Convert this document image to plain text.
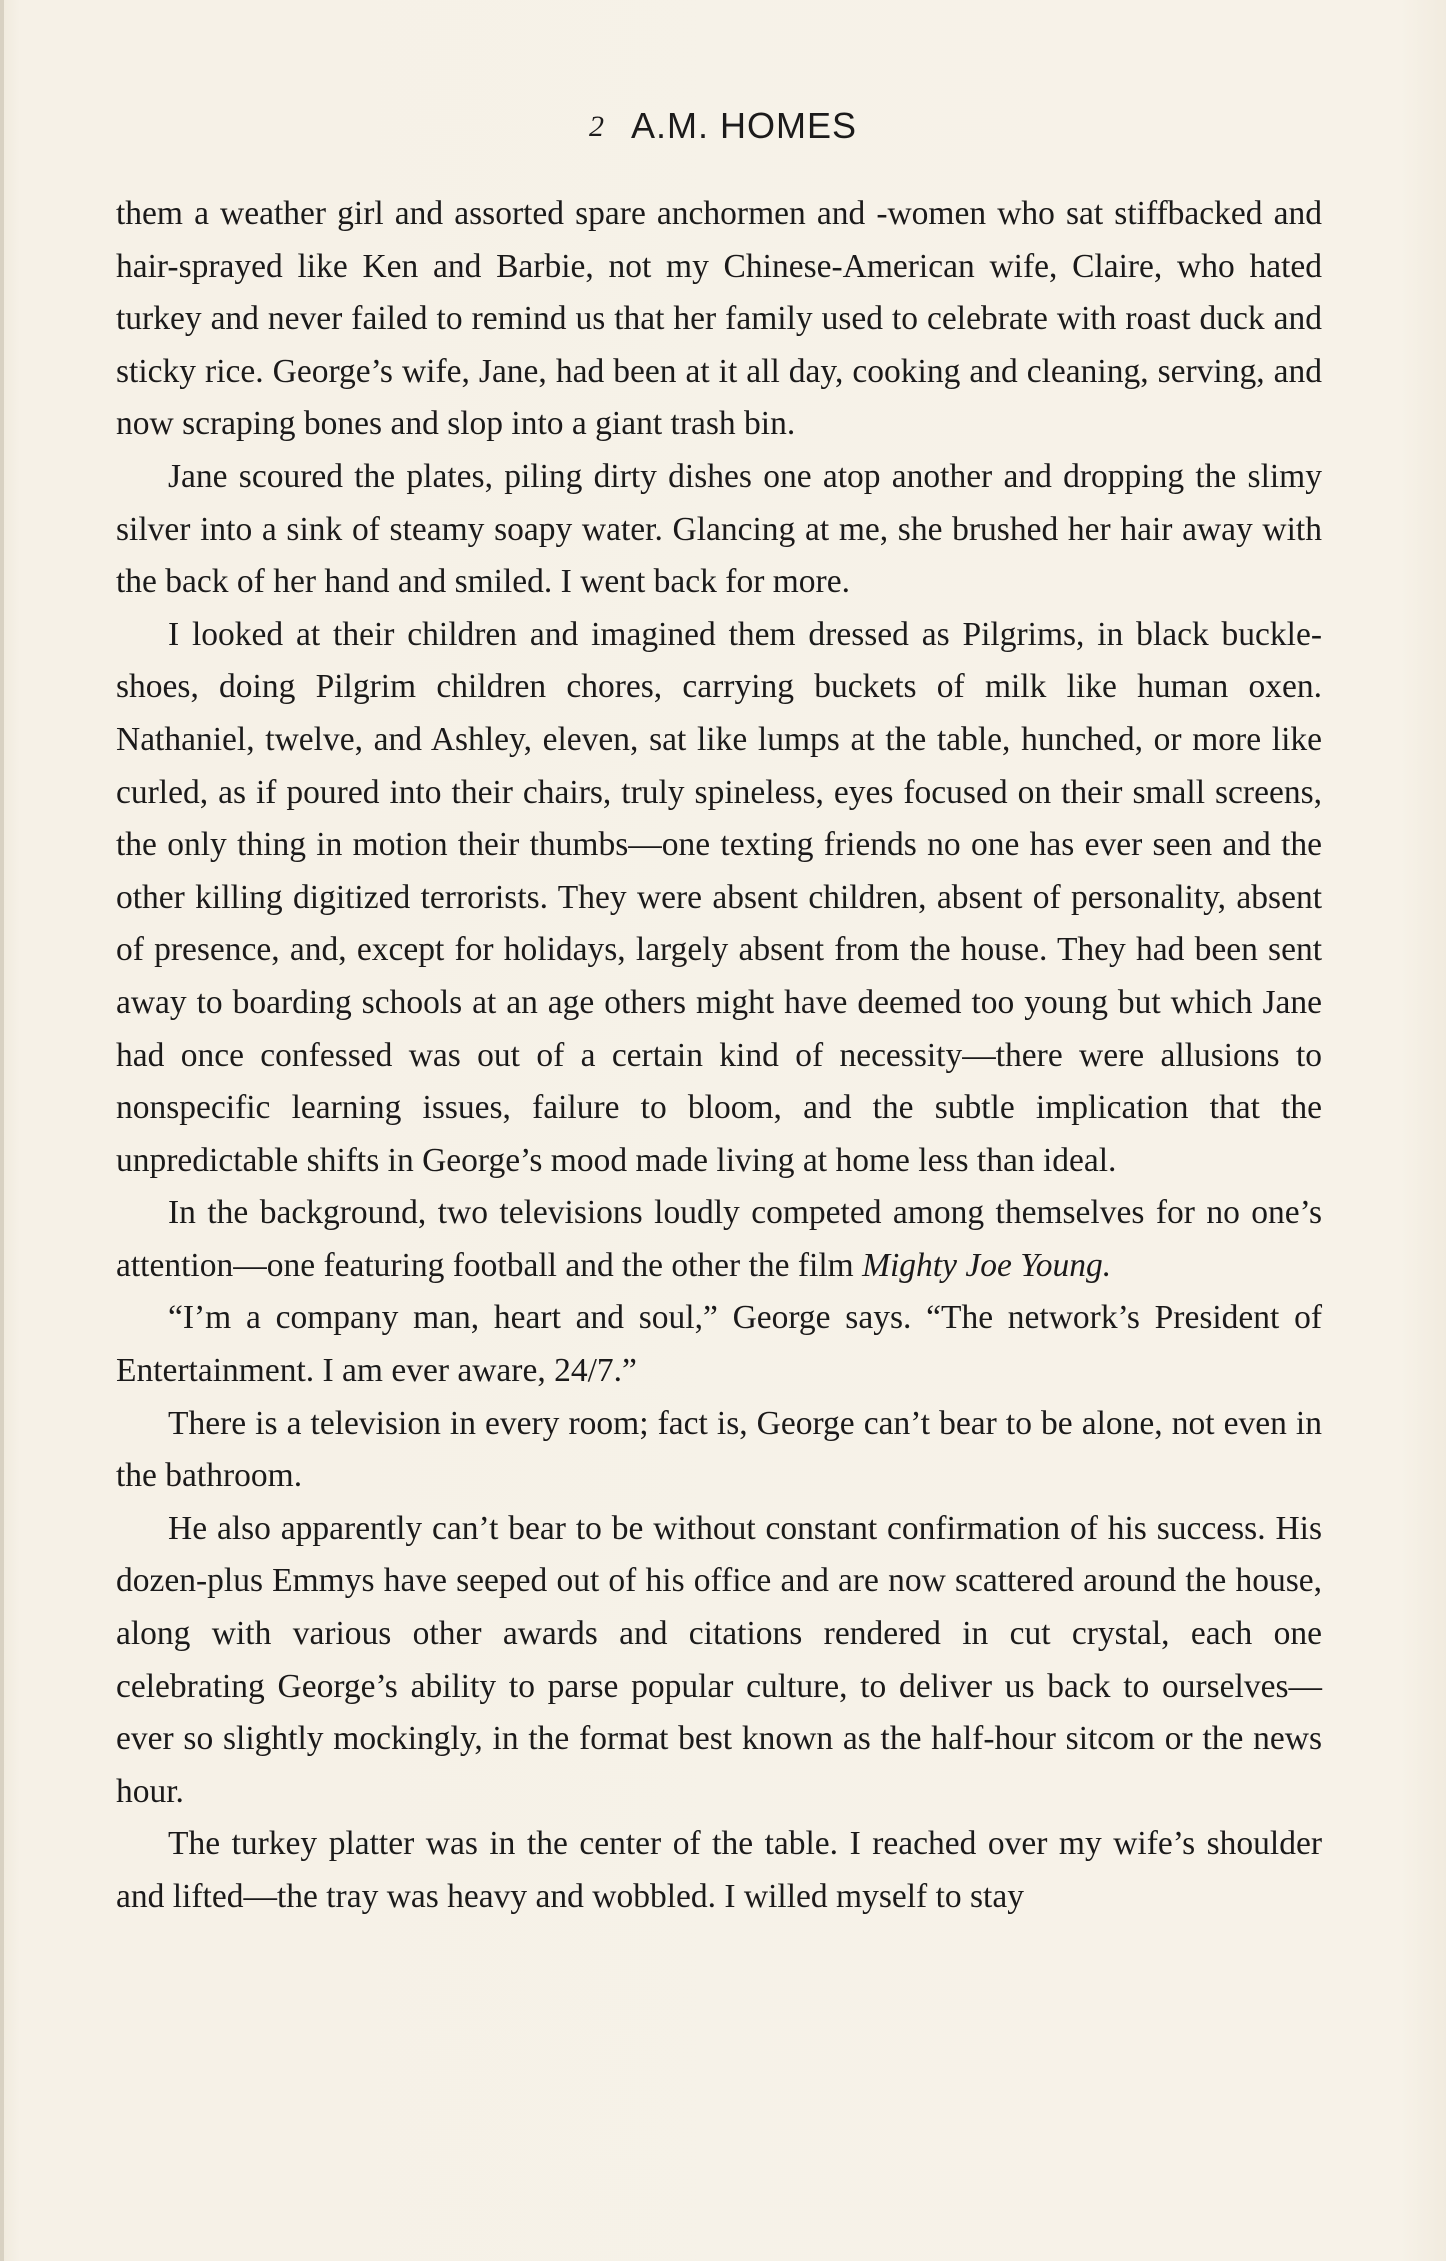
2 A.M. HOMES

them a weather girl and assorted spare anchormen and -women who sat stiffbacked and hair-sprayed like Ken and Barbie, not my Chinese-American wife, Claire, who hated turkey and never failed to remind us that her family used to celebrate with roast duck and sticky rice. George’s wife, Jane, had been at it all day, cooking and cleaning, serving, and now scraping bones and slop into a giant trash bin.

Jane scoured the plates, piling dirty dishes one atop another and dropping the slimy silver into a sink of steamy soapy water. Glancing at me, she brushed her hair away with the back of her hand and smiled. I went back for more.

I looked at their children and imagined them dressed as Pilgrims, in black buckle-shoes, doing Pilgrim children chores, carrying buckets of milk like human oxen. Nathaniel, twelve, and Ashley, eleven, sat like lumps at the table, hunched, or more like curled, as if poured into their chairs, truly spineless, eyes focused on their small screens, the only thing in motion their thumbs—one texting friends no one has ever seen and the other killing digitized terrorists. They were absent children, absent of personality, absent of presence, and, except for holidays, largely absent from the house. They had been sent away to boarding schools at an age others might have deemed too young but which Jane had once confessed was out of a certain kind of necessity—there were allusions to nonspecific learning issues, failure to bloom, and the subtle implication that the unpredictable shifts in George’s mood made living at home less than ideal.

In the background, two televisions loudly competed among themselves for no one’s attention—one featuring football and the other the film Mighty Joe Young.

“I’m a company man, heart and soul,” George says. “The network’s President of Entertainment. I am ever aware, 24/7.”

There is a television in every room; fact is, George can’t bear to be alone, not even in the bathroom.

He also apparently can’t bear to be without constant confirmation of his success. His dozen-plus Emmys have seeped out of his office and are now scattered around the house, along with various other awards and citations rendered in cut crystal, each one celebrating George’s ability to parse popular culture, to deliver us back to ourselves—ever so slightly mockingly, in the format best known as the half-hour sitcom or the news hour.

The turkey platter was in the center of the table. I reached over my wife’s shoulder and lifted—the tray was heavy and wobbled. I willed myself to stay
